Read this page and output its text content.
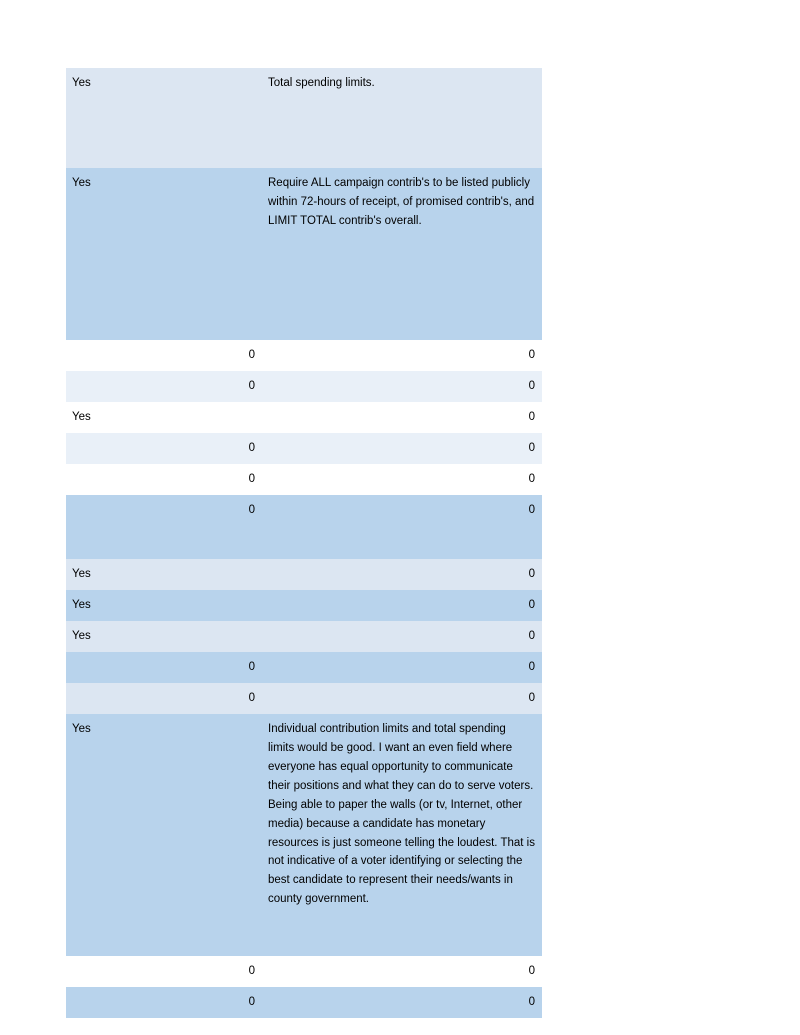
Yes	Total spending limits.
Yes	Require ALL campaign contrib's to be listed publicly within 72-hours of receipt, of promised contrib's, and LIMIT TOTAL contrib's overall.
0	0
0	0
Yes	0
0	0
0	0
0	0
Yes	0
Yes	0
Yes	0
0	0
0	0
Yes	Individual contribution limits and total spending limits would be good. I want an even field where everyone has equal opportunity to communicate their positions and what they can do to serve voters. Being able to paper the walls (or tv, Internet, other media) because a candidate has monetary resources is just someone telling the loudest. That is not indicative of a voter identifying or selecting the best candidate to represent their needs/wants in county government.
0	0
0	0
